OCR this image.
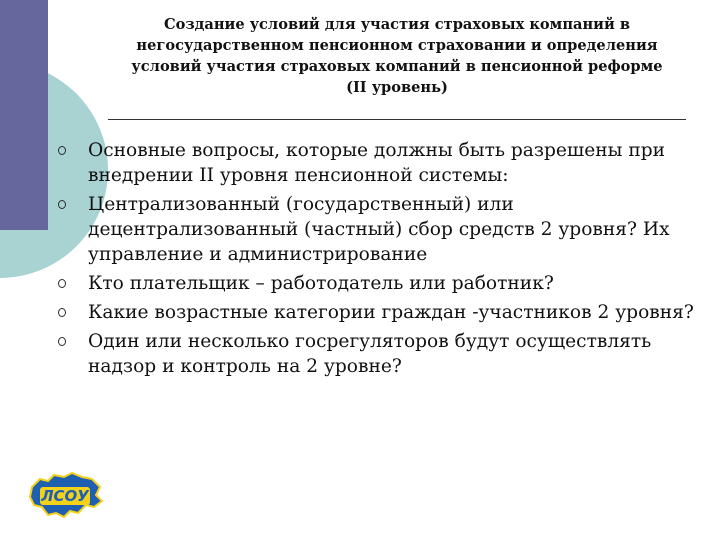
Создание условий для участия страховых компаний в
негосударственном пенсионном страховании и определения
условий участия страховых компаний в пенсионной реформе
(II уровень)
Основные вопросы, которые должны быть разрешены при внедрении II уровня пенсионной системы:
Централизованный (государственный) или децентрализованный (частный) сбор средств 2 уровня? Их управление и администрирование
Кто плательщик – работодатель или работник?
Какие возрастные категории граждан -участников 2 уровня?
Один или несколько госрегуляторов будут осуществлять надзор и контроль на 2 уровне?
ЛСОУ
